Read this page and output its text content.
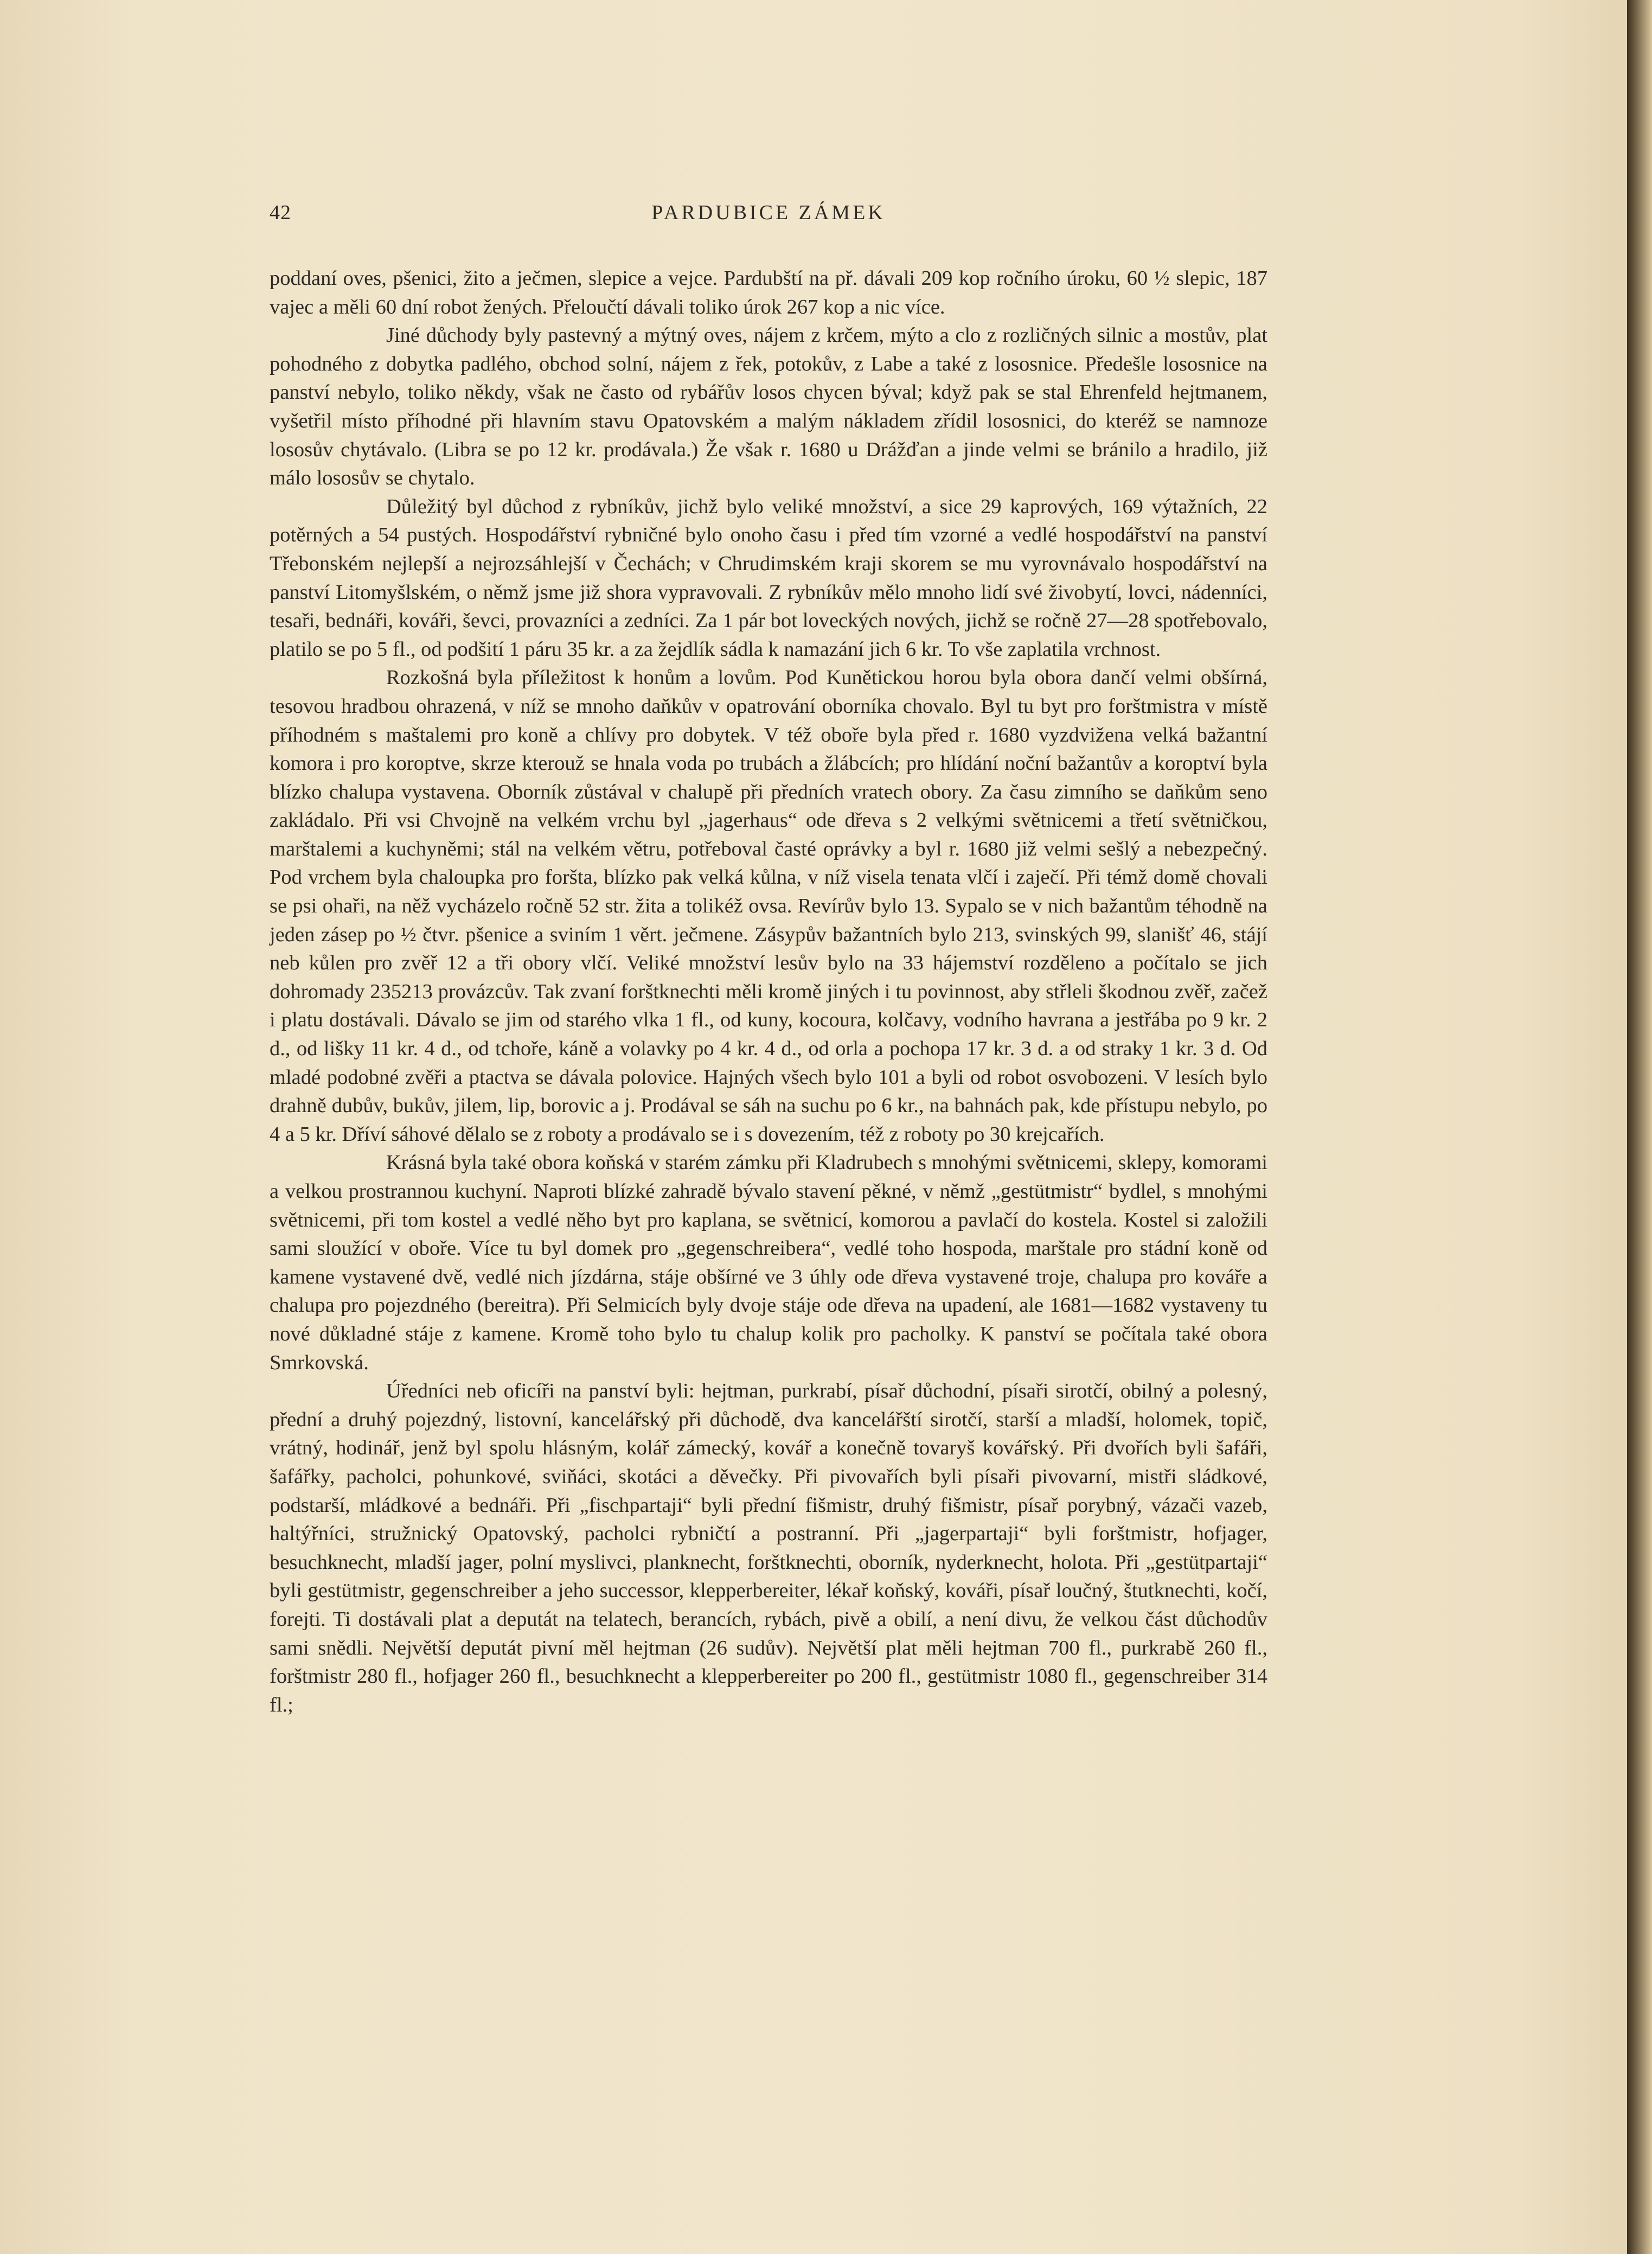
42	PARDUBICE ZÁMEK

poddaní oves, pšenici, žito a ječmen, slepice a vejce. Pardubští na př. dávali 209 kop ročního úroku, 60 ½ slepic, 187 vajec a měli 60 dní robot žených. Přeloučtí dávali toliko úrok 267 kop a nic více.

Jiné důchody byly pastevný a mýtný oves, nájem z krčem, mýto a clo z rozličných silnic a mostův, plat pohodného z dobytka padlého, obchod solní, nájem z řek, potokův, z Labe a také z lososnice. Předešle lososnice na panství nebylo, toliko někdy, však ne často od rybářův losos chycen býval; když pak se stal Ehrenfeld hejtmanem, vyšetřil místo příhodné při hlavním stavu Opatovském a malým nákladem zřídil lososnici, do kteréž se namnoze lososův chytávalo. (Libra se po 12 kr. prodávala.) Že však r. 1680 u Drážďan a jinde velmi se bránilo a hradilo, již málo lososův se chytalo.

Důležitý byl důchod z rybníkův, jichž bylo veliké množství, a sice 29 kaprových, 169 výtažních, 22 potěrných a 54 pustých. Hospodářství rybničné bylo onoho času i před tím vzorné a vedlé hospodářství na panství Třebonském nejlepší a nejrozsáhlejší v Čechách; v Chrudimském kraji skorem se mu vyrovnávalo hospodářství na panství Litomyšlském, o němž jsme již shora vypravovali. Z rybníkův mělo mnoho lidí své živobytí, lovci, nádenníci, tesaři, bednáři, kováři, ševci, provazníci a zedníci. Za 1 pár bot loveckých nových, jichž se ročně 27—28 spotřebovalo, platilo se po 5 fl., od podšití 1 páru 35 kr. a za žejdlík sádla k namazání jich 6 kr. To vše zaplatila vrchnost.

Rozkošná byla příležitost k honům a lovům. Pod Kunětickou horou byla obora dančí velmi obšírná, tesovou hradbou ohrazená, v níž se mnoho daňkův v opatrování oborníka chovalo. Byl tu byt pro forštmistra v místě příhodném s maštalemi pro koně a chlívy pro dobytek. V též oboře byla před r. 1680 vyzdvižena velká bažantní komora i pro koroptve, skrze kterouž se hnala voda po trubách a žlábcích; pro hlídání noční bažantův a koroptví byla blízko chalupa vystavena. Oborník zůstával v chalupě při předních vratech obory. Za času zimního se daňkům seno zakládalo. Při vsi Chvojně na velkém vrchu byl „jagerhaus“ ode dřeva s 2 velkými světnicemi a třetí světničkou, marštalemi a kuchyněmi; stál na velkém větru, potřeboval časté oprávky a byl r. 1680 již velmi sešlý a nebezpečný. Pod vrchem byla chaloupka pro foršta, blízko pak velká kůlna, v níž visela tenata vlčí i zaječí. Při témž domě chovali se psi ohaři, na něž vycházelo ročně 52 str. žita a tolikéž ovsa. Revírův bylo 13. Sypalo se v nich bažantům téhodně na jeden zásep po ½ čtvr. pšenice a sviním 1 věrt. ječmene. Zásypův bažantních bylo 213, svinských 99, slanišť 46, stájí neb kůlen pro zvěř 12 a tři obory vlčí. Veliké množství lesův bylo na 33 hájemství rozděleno a počítalo se jich dohromady 235213 provázcův. Tak zvaní forštknechti měli kromě jiných i tu povinnost, aby střleli škodnou zvěř, začež i platu dostávali. Dávalo se jim od starého vlka 1 fl., od kuny, kocoura, kolčavy, vodního havrana a jestřába po 9 kr. 2 d., od lišky 11 kr. 4 d., od tchoře, káně a volavky po 4 kr. 4 d., od orla a pochopa 17 kr. 3 d. a od straky 1 kr. 3 d. Od mladé podobné zvěři a ptactva se dávala polovice. Hajných všech bylo 101 a byli od robot osvobozeni. V lesích bylo drahně dubův, bukův, jilem, lip, borovic a j. Prodával se sáh na suchu po 6 kr., na bahnách pak, kde přístupu nebylo, po 4 a 5 kr. Dříví sáhové dělalo se z roboty a prodávalo se i s dovezením, též z roboty po 30 krejcařích.

Krásná byla také obora koňská v starém zámku při Kladrubech s mnohými světnicemi, sklepy, komorami a velkou prostrannou kuchyní. Naproti blízké zahradě bývalo stavení pěkné, v němž „gestütmistr“ bydlel, s mnohými světnicemi, při tom kostel a vedlé něho byt pro kaplana, se světnicí, komorou a pavlačí do kostela. Kostel si založili sami sloužící v oboře. Více tu byl domek pro „gegenschreibera“, vedlé toho hospoda, marštale pro stádní koně od kamene vystavené dvě, vedlé nich jízdárna, stáje obšírné ve 3 úhly ode dřeva vystavené troje, chalupa pro kováře a chalupa pro pojezdného (bereitra). Při Selmicích byly dvoje stáje ode dřeva na upadení, ale 1681—1682 vystaveny tu nové důkladné stáje z kamene. Kromě toho bylo tu chalup kolik pro pacholky. K panství se počítala také obora Smrkovská.

Úředníci neb oficíři na panství byli: hejtman, purkrabí, písař důchodní, písaři sirotčí, obilný a polesný, přední a druhý pojezdný, listovní, kancelářský při důchodě, dva kancelářští sirotčí, starší a mladší, holomek, topič, vrátný, hodinář, jenž byl spolu hlásným, kolář zámecký, kovář a konečně tovaryš kovářský. Při dvořích byli šafáři, šafářky, pacholci, pohunkové, sviňáci, skotáci a děvečky. Při pivovařích byli písaři pivovarní, mistři sládkové, podstarší, mládkové a bednáři. Při „fischpartaji“ byli přední fišmistr, druhý fišmistr, písař porybný, vázači vazeb, haltýřníci, stružnický Opatovský, pacholci rybničtí a postranní. Při „jagerpartaji“ byli forštmistr, hofjager, besuchknecht, mladší jager, polní myslivci, planknecht, forštknechti, oborník, nyderknecht, holota. Při „gestütpartaji“ byli gestütmistr, gegenschreiber a jeho successor, klepperbereiter, lékař koňský, kováři, písař loučný, štutknechti, kočí, forejti. Ti dostávali plat a deputát na telatech, berancích, rybách, pivě a obilí, a není divu, že velkou část důchodův sami snědli. Největší deputát pivní měl hejtman (26 sudův). Největší plat měli hejtman 700 fl., purkrabě 260 fl., forštmistr 280 fl., hofjager 260 fl., besuchknecht a klepperbereiter po 200 fl., gestütmistr 1080 fl., gegenschreiber 314 fl.;
